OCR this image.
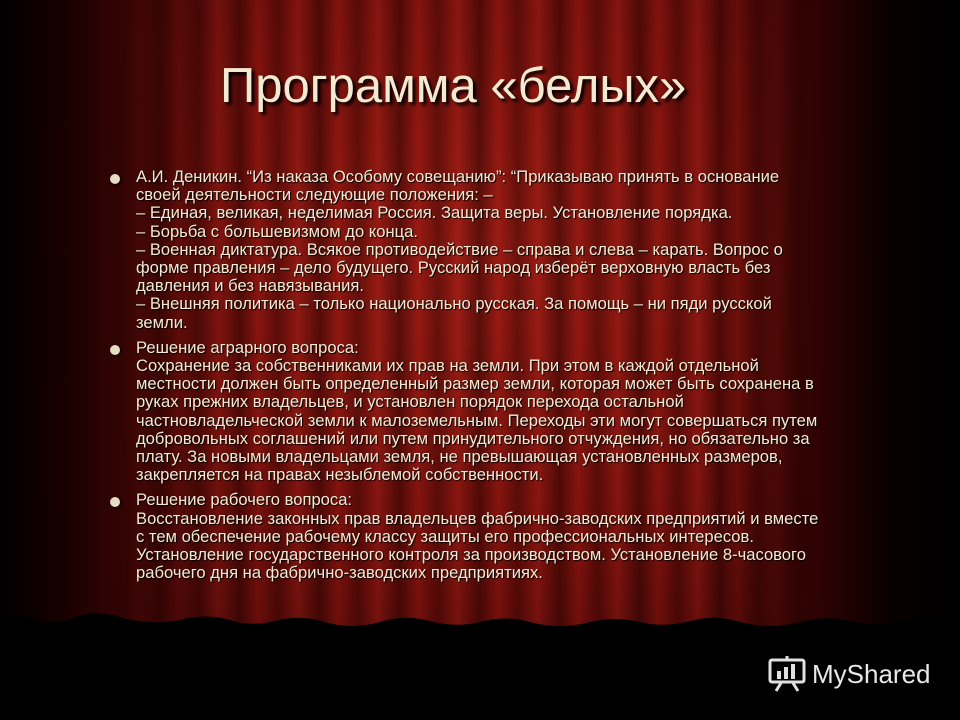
Программа «белых»
А.И. Деникин. “Из наказа Особому совещанию”: “Приказываю принять в основание
своей деятельности следующие положения: –
– Единая, великая, неделимая Россия. Защита веры. Установление порядка.
– Борьба с большевизмом до конца.
– Военная диктатура. Всякое противодействие – справа и слева – карать. Вопрос о
форме правления – дело будущего. Русский народ изберёт верховную власть без
давления и без навязывания.
– Внешняя политика – только национально русская. За помощь – ни пяди русской
земли.
Решение аграрного вопроса:
Сохранение за собственниками их прав на земли. При этом в каждой отдельной
местности должен быть определенный размер земли, которая может быть сохранена в
руках прежних владельцев, и установлен порядок перехода остальной
частновладельческой земли к малоземельным. Переходы эти могут совершаться путем
добровольных соглашений или путем принудительного отчуждения, но обязательно за
плату. За новыми владельцами земля, не превышающая установленных размеров,
закрепляется на правах незыблемой собственности.
Решение рабочего вопроса:
Восстановление законных прав владельцев фабрично-заводских предприятий и вместе
с тем обеспечение рабочему классу защиты его профессиональных интересов.
Установление государственного контроля за производством. Установление 8-часового
рабочего дня на фабрично-заводских предприятиях.
MyShared
